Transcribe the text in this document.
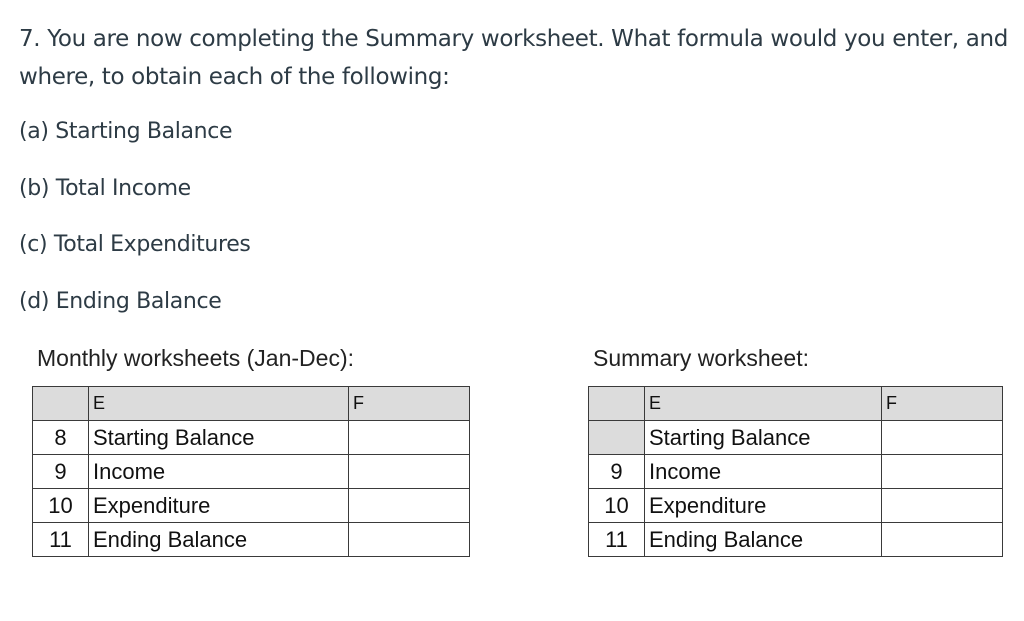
7. You are now completing the Summary worksheet. What formula would you enter, and where, to obtain each of the following:

(a) Starting Balance

(b) Total Income

(c) Total Expenditures

(d) Ending Balance

Monthly worksheets (Jan-Dec):	Summary worksheet:

	E	F
8	Starting Balance	
9	Income	
10	Expenditure	
11	Ending Balance	
	E	F
	Starting Balance	
9	Income	
10	Expenditure	
11	Ending Balance	
